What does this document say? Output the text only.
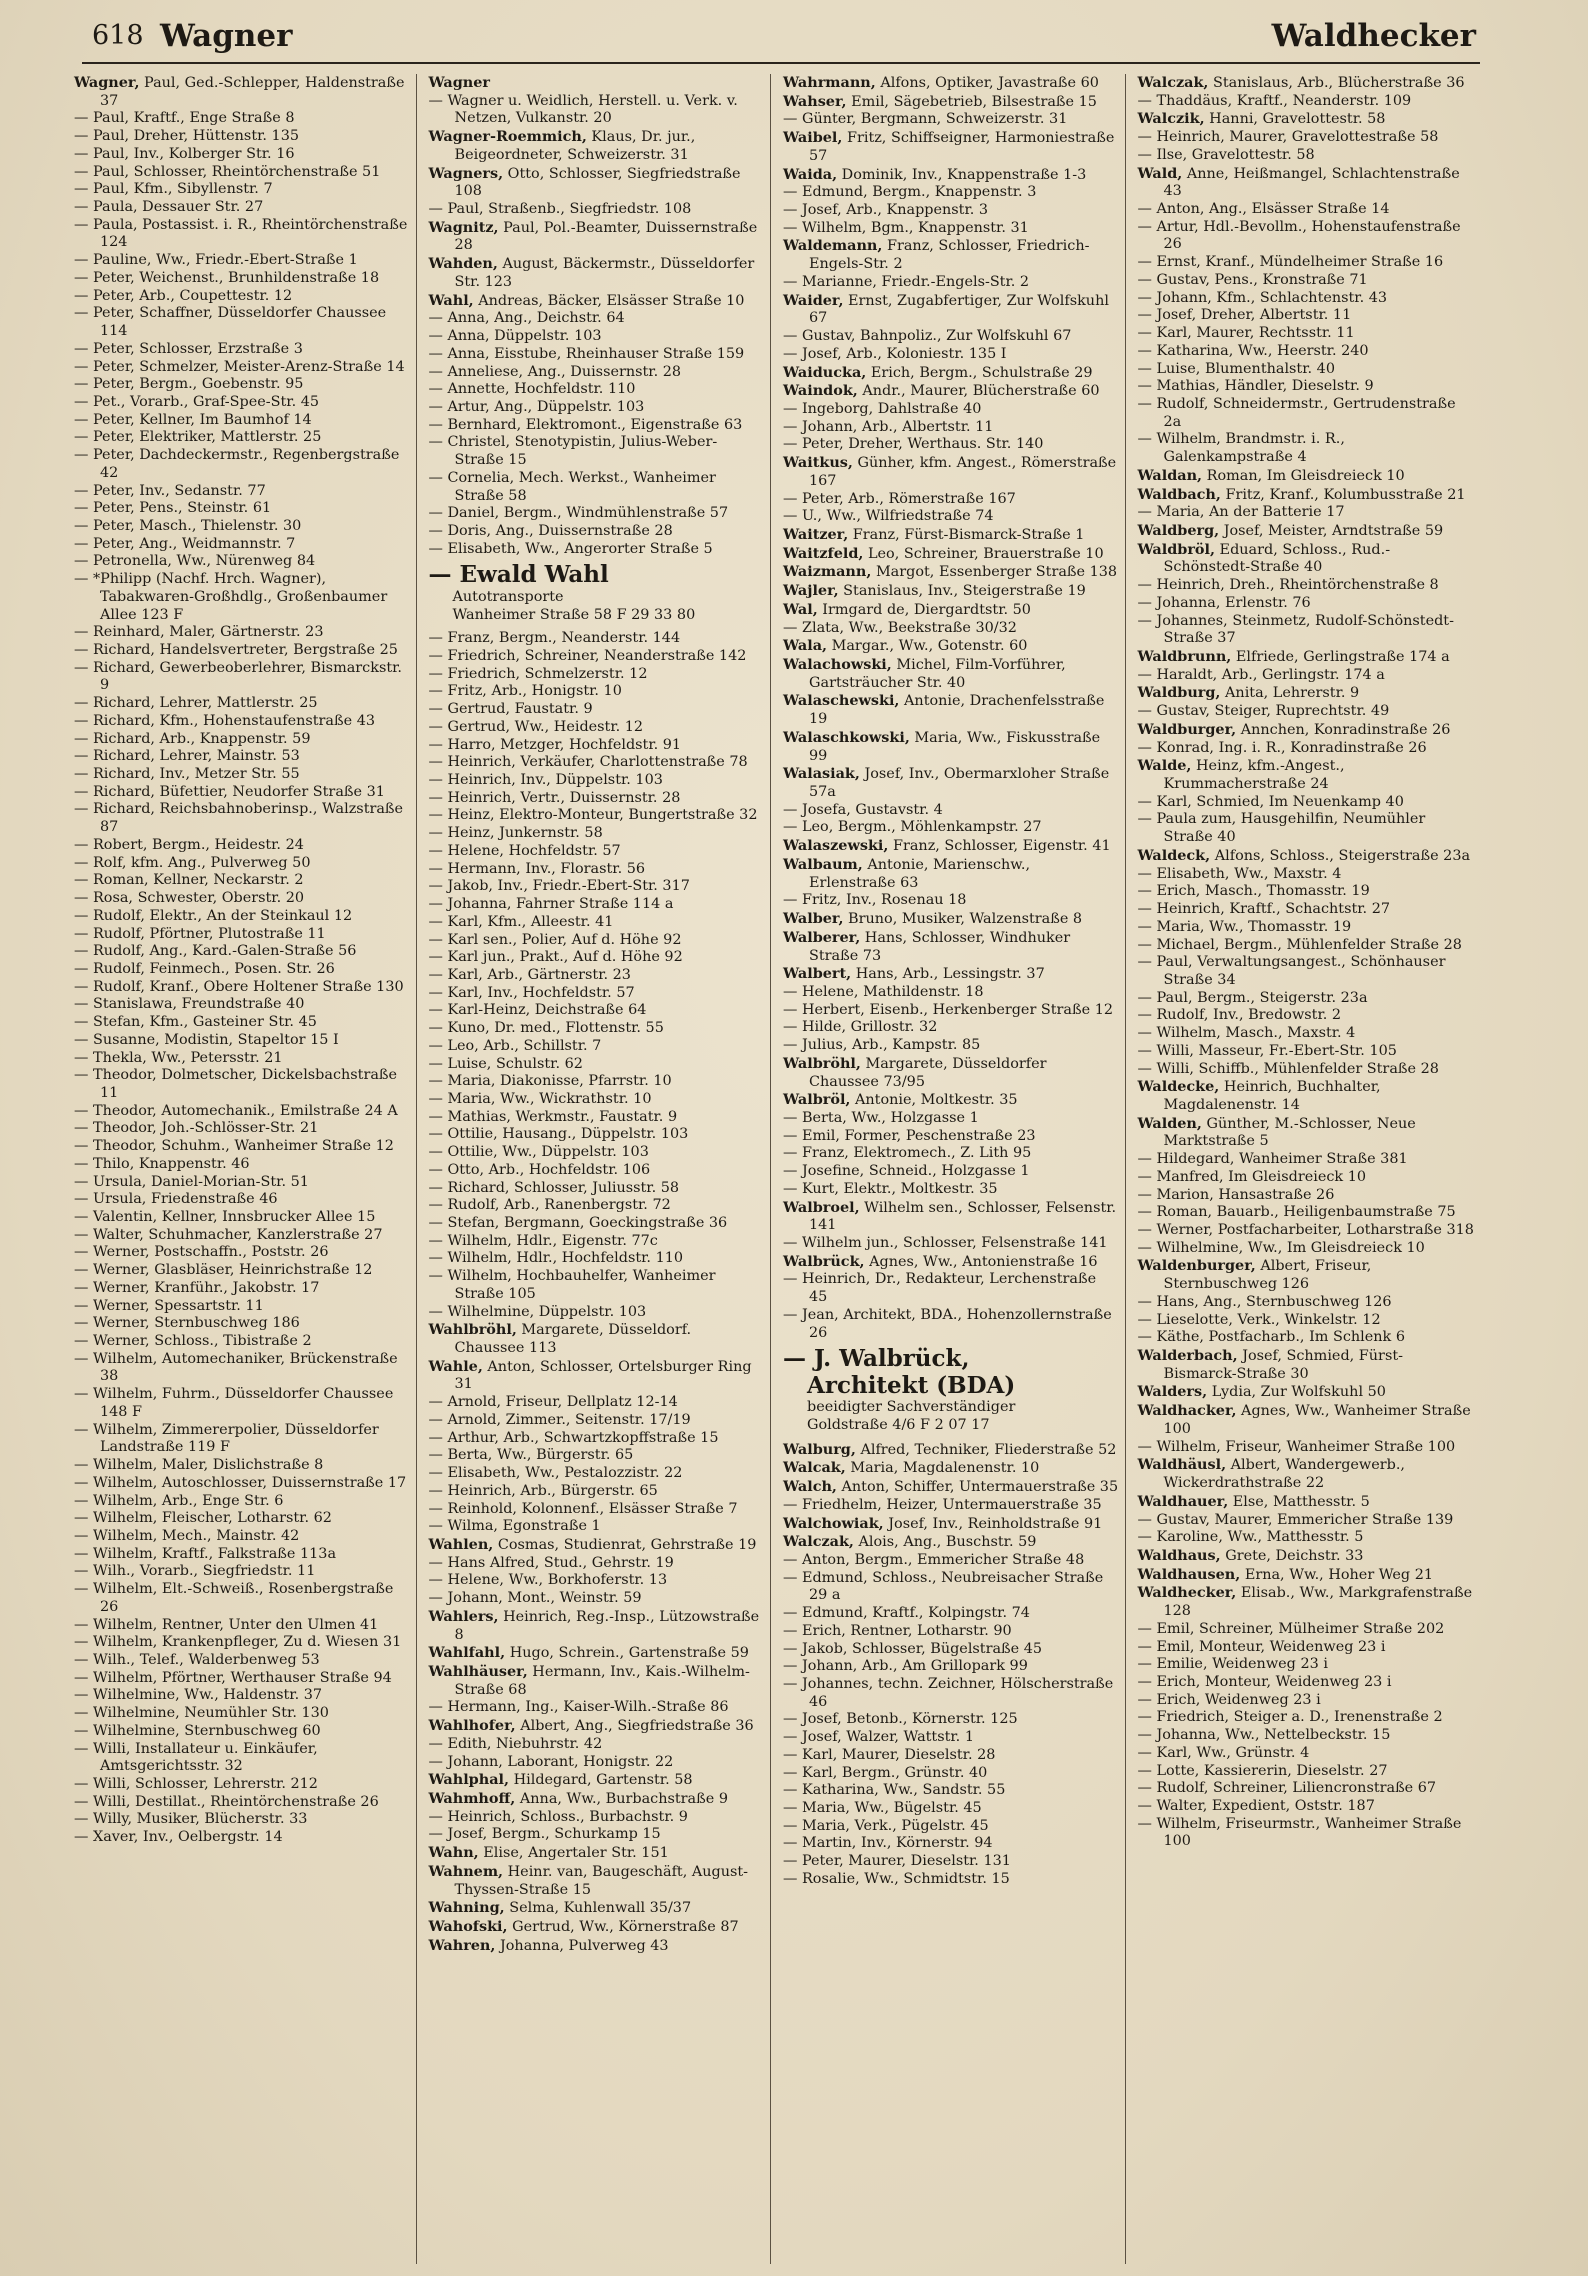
618 Wagner	Waldhecker
Wagner, Paul, Ged.-Schlepper, Haldenstraße 37
— Paul, Kraftf., Enge Straße 8
— Paul, Dreher, Hüttenstr. 135
— Paul, Inv., Kolberger Str. 16
— Paul, Schlosser, Rheintörchenstraße 51
— Paul, Kfm., Sibyllenstr. 7
— Paula, Dessauer Str. 27
— Paula, Postassist. i. R., Rheintörchenstraße 124
— Pauline, Ww., Friedr.-Ebert-Straße 1
— Peter, Weichenst., Brunhildenstraße 18
— Peter, Arb., Coupettestr. 12
— Peter, Schaffner, Düsseldorfer Chaussee 114
— Peter, Schlosser, Erzstraße 3
— Peter, Schmelzer, Meister-Arenz-Straße 14
— Peter, Bergm., Goebenstr. 95
— Pet., Vorarb., Graf-Spee-Str. 45
— Peter, Kellner, Im Baumhof 14
— Peter, Elektriker, Mattlerstr. 25
— Peter, Dachdeckermstr., Regenbergstraße 42
— Peter, Inv., Sedanstr. 77
— Peter, Pens., Steinstr. 61
— Peter, Masch., Thielenstr. 30
— Peter, Ang., Weidmannstr. 7
— Petronella, Ww., Nürenweg 84
— *Philipp (Nachf. Hrch. Wagner), Tabakwaren-Großhdlg., Großenbaumer Allee 123 F
— Reinhard, Maler, Gärtnerstr. 23
— Richard, Handelsvertreter, Bergstraße 25
— Richard, Gewerbeoberlehrer, Bismarckstr. 9
— Richard, Lehrer, Mattlerstr. 25
— Richard, Kfm., Hohenstaufenstraße 43
— Richard, Arb., Knappenstr. 59
— Richard, Lehrer, Mainstr. 53
— Richard, Inv., Metzer Str. 55
— Richard, Büfettier, Neudorfer Straße 31
— Richard, Reichsbahnoberinsp., Walzstraße 87
— Robert, Bergm., Heidestr. 24
— Rolf, kfm. Ang., Pulverweg 50
— Roman, Kellner, Neckarstr. 2
— Rosa, Schwester, Oberstr. 20
— Rudolf, Elektr., An der Steinkaul 12
— Rudolf, Pförtner, Plutostraße 11
— Rudolf, Ang., Kard.-Galen-Straße 56
— Rudolf, Feinmech., Posen. Str. 26
— Rudolf, Kranf., Obere Holtener Straße 130
— Stanislawa, Freundstraße 40
— Stefan, Kfm., Gasteiner Str. 45
— Susanne, Modistin, Stapeltor 15 I
— Thekla, Ww., Petersstr. 21
— Theodor, Dolmetscher, Dickelsbachstraße 11
— Theodor, Automechanik., Emilstraße 24 A
— Theodor, Joh.-Schlösser-Str. 21
— Theodor, Schuhm., Wanheimer Straße 12
— Thilo, Knappenstr. 46
— Ursula, Daniel-Morian-Str. 51
— Ursula, Friedenstraße 46
— Valentin, Kellner, Innsbrucker Allee 15
— Walter, Schuhmacher, Kanzlerstraße 27
— Werner, Postschaffn., Poststr. 26
— Werner, Glasbläser, Heinrichstraße 12
— Werner, Kranführ., Jakobstr. 17
— Werner, Spessartstr. 11
— Werner, Sternbuschweg 186
— Werner, Schloss., Tibistraße 2
— Wilhelm, Automechaniker, Brückenstraße 38
— Wilhelm, Fuhrm., Düsseldorfer Chaussee 148 F
— Wilhelm, Zimmererpolier, Düsseldorfer Landstraße 119 F
— Wilhelm, Maler, Dislichstraße 8
— Wilhelm, Autoschlosser, Duissernstraße 17
— Wilhelm, Arb., Enge Str. 6
— Wilhelm, Fleischer, Lotharstr. 62
— Wilhelm, Mech., Mainstr. 42
— Wilhelm, Kraftf., Falkstraße 113a
— Wilh., Vorarb., Siegfriedstr. 11
— Wilhelm, Elt.-Schweiß., Rosenbergstraße 26
— Wilhelm, Rentner, Unter den Ulmen 41
— Wilhelm, Krankenpfleger, Zu d. Wiesen 31
— Wilh., Telef., Walderbenweg 53
— Wilhelm, Pförtner, Werthauser Straße 94
— Wilhelmine, Ww., Haldenstr. 37
— Wilhelmine, Neumühler Str. 130
— Wilhelmine, Sternbuschweg 60
— Willi, Installateur u. Einkäufer, Amtsgerichtsstr. 32
— Willi, Schlosser, Lehrerstr. 212
— Willi, Destillat., Rheintörchenstraße 26
— Willy, Musiker, Blücherstr. 33
— Xaver, Inv., Oelbergstr. 14
Wagner
— Wagner u. Weidlich, Herstell. u. Verk. v. Netzen, Vulkanstr. 20
Wagner-Roemmich, Klaus, Dr. jur., Beigeordneter, Schweizerstr. 31
Wagners, Otto, Schlosser, Siegfriedstraße 108
— Paul, Straßenb., Siegfriedstr. 108
Wagnitz, Paul, Pol.-Beamter, Duissernstraße 28
Wahden, August, Bäckermstr., Düsseldorfer Str. 123
Wahl, Andreas, Bäcker, Elsässer Straße 10
— Anna, Ang., Deichstr. 64
— Anna, Düppelstr. 103
— Anna, Eisstube, Rheinhauser Straße 159
— Anneliese, Ang., Duissernstr. 28
— Annette, Hochfeldstr. 110
— Artur, Ang., Düppelstr. 103
— Bernhard, Elektromont., Eigenstraße 63
— Christel, Stenotypistin, Julius-Weber-Straße 15
— Cornelia, Mech. Werkst., Wanheimer Straße 58
— Daniel, Bergm., Windmühlenstraße 57
— Doris, Ang., Duissernstraße 28
— Elisabeth, Ww., Angerorter Straße 5
— Ewald Wahl
Autotransporte
Wanheimer Straße 58 F 29 33 80
— Franz, Bergm., Neanderstr. 144
— Friedrich, Schreiner, Neanderstraße 142
— Friedrich, Schmelzerstr. 12
— Fritz, Arb., Honigstr. 10
— Gertrud, Faustatr. 9
— Gertrud, Ww., Heidestr. 12
— Harro, Metzger, Hochfeldstr. 91
— Heinrich, Verkäufer, Charlottenstraße 78
— Heinrich, Inv., Düppelstr. 103
— Heinrich, Vertr., Duissernstr. 28
— Heinz, Elektro-Monteur, Bungertstraße 32
— Heinz, Junkernstr. 58
— Helene, Hochfeldstr. 57
— Hermann, Inv., Florastr. 56
— Jakob, Inv., Friedr.-Ebert-Str. 317
— Johanna, Fahrner Straße 114 a
— Karl, Kfm., Alleestr. 41
— Karl sen., Polier, Auf d. Höhe 92
— Karl jun., Prakt., Auf d. Höhe 92
— Karl, Arb., Gärtnerstr. 23
— Karl, Inv., Hochfeldstr. 57
— Karl-Heinz, Deichstraße 64
— Kuno, Dr. med., Flottenstr. 55
— Leo, Arb., Schillstr. 7
— Luise, Schulstr. 62
— Maria, Diakonisse, Pfarrstr. 10
— Maria, Ww., Wickrathstr. 10
— Mathias, Werkmstr., Faustatr. 9
— Ottilie, Hausang., Düppelstr. 103
— Ottilie, Ww., Düppelstr. 103
— Otto, Arb., Hochfeldstr. 106
— Richard, Schlosser, Juliusstr. 58
— Rudolf, Arb., Ranenbergstr. 72
— Stefan, Bergmann, Goeckingstraße 36
— Wilhelm, Hdlr., Eigenstr. 77c
— Wilhelm, Hdlr., Hochfeldstr. 110
— Wilhelm, Hochbauhelfer, Wanheimer Straße 105
— Wilhelmine, Düppelstr. 103
Wahlbröhl, Margarete, Düsseldorf. Chaussee 113
Wahle, Anton, Schlosser, Ortelsburger Ring 31
— Arnold, Friseur, Dellplatz 12-14
— Arnold, Zimmer., Seitenstr. 17/19
— Arthur, Arb., Schwartzkopffstraße 15
— Berta, Ww., Bürgerstr. 65
— Elisabeth, Ww., Pestalozzistr. 22
— Heinrich, Arb., Bürgerstr. 65
— Reinhold, Kolonnenf., Elsässer Straße 7
— Wilma, Egonstraße 1
Wahlen, Cosmas, Studienrat, Gehrstraße 19
— Hans Alfred, Stud., Gehrstr. 19
— Helene, Ww., Borkhoferstr. 13
— Johann, Mont., Weinstr. 59
Wahlers, Heinrich, Reg.-Insp., Lützowstraße 8
Wahlfahl, Hugo, Schrein., Gartenstraße 59
Wahlhäuser, Hermann, Inv., Kais.-Wilhelm-Straße 68
— Hermann, Ing., Kaiser-Wilh.-Straße 86
Wahlhofer, Albert, Ang., Siegfriedstraße 36
— Edith, Niebuhrstr. 42
— Johann, Laborant, Honigstr. 22
Wahlphal, Hildegard, Gartenstr. 58
Wahmhoff, Anna, Ww., Burbachstraße 9
— Heinrich, Schloss., Burbachstr. 9
— Josef, Bergm., Schurkamp 15
Wahn, Elise, Angertaler Str. 151
Wahnem, Heinr. van, Baugeschäft, August-Thyssen-Straße 15
Wahning, Selma, Kuhlenwall 35/37
Wahofski, Gertrud, Ww., Körnerstraße 87
Wahren, Johanna, Pulverweg 43
Wahrmann, Alfons, Optiker, Javastraße 60
Wahser, Emil, Sägebetrieb, Bilsestraße 15
— Günter, Bergmann, Schweizerstr. 31
Waibel, Fritz, Schiffseigner, Harmoniestraße 57
Waida, Dominik, Inv., Knappenstraße 1-3
— Edmund, Bergm., Knappenstr. 3
— Josef, Arb., Knappenstr. 3
— Wilhelm, Bgm., Knappenstr. 31
Waldemann, Franz, Schlosser, Friedrich-Engels-Str. 2
— Marianne, Friedr.-Engels-Str. 2
Waider, Ernst, Zugabfertiger, Zur Wolfskuhl 67
— Gustav, Bahnpoliz., Zur Wolfskuhl 67
— Josef, Arb., Koloniestr. 135 I
Waiducka, Erich, Bergm., Schulstraße 29
Waindok, Andr., Maurer, Blücherstraße 60
— Ingeborg, Dahlstraße 40
— Johann, Arb., Albertstr. 11
— Peter, Dreher, Werthaus. Str. 140
Waitkus, Günher, kfm. Angest., Römerstraße 167
— Peter, Arb., Römerstraße 167
— U., Ww., Wilfriedstraße 74
Waitzer, Franz, Fürst-Bismarck-Straße 1
Waitzfeld, Leo, Schreiner, Brauerstraße 10
Waizmann, Margot, Essenberger Straße 138
Wajler, Stanislaus, Inv., Steigerstraße 19
Wal, Irmgard de, Diergardtstr. 50
— Zlata, Ww., Beekstraße 30/32
Wala, Margar., Ww., Gotenstr. 60
Walachowski, Michel, Film-Vorführer, Gartsträucher Str. 40
Walaschewski, Antonie, Drachenfelsstraße 19
Walaschkowski, Maria, Ww., Fiskusstraße 99
Walasiak, Josef, Inv., Obermarxloher Straße 57a
— Josefa, Gustavstr. 4
— Leo, Bergm., Möhlenkampstr. 27
Walaszewski, Franz, Schlosser, Eigenstr. 41
Walbaum, Antonie, Marienschw., Erlenstraße 63
— Fritz, Inv., Rosenau 18
Walber, Bruno, Musiker, Walzenstraße 8
Walberer, Hans, Schlosser, Windhuker Straße 73
Walbert, Hans, Arb., Lessingstr. 37
— Helene, Mathildenstr. 18
— Herbert, Eisenb., Herkenberger Straße 12
— Hilde, Grillostr. 32
— Julius, Arb., Kampstr. 85
Walbröhl, Margarete, Düsseldorfer Chaussee 73/95
Walbröl, Antonie, Moltkestr. 35
— Berta, Ww., Holzgasse 1
— Emil, Former, Peschenstraße 23
— Franz, Elektromech., Z. Lith 95
— Josefine, Schneid., Holzgasse 1
— Kurt, Elektr., Moltkestr. 35
Walbroel, Wilhelm sen., Schlosser, Felsenstr. 141
— Wilhelm jun., Schlosser, Felsenstraße 141
Walbrück, Agnes, Ww., Antonienstraße 16
— Heinrich, Dr., Redakteur, Lerchenstraße 45
— Jean, Architekt, BDA., Hohenzollernstraße 26
— J. Walbrück,
Architekt (BDA)
beeidigter Sachverständiger
Goldstraße 4/6 F 2 07 17
Walburg, Alfred, Techniker, Fliederstraße 52
Walcak, Maria, Magdalenenstr. 10
Walch, Anton, Schiffer, Untermauerstraße 35
— Friedhelm, Heizer, Untermauerstraße 35
Walchowiak, Josef, Inv., Reinholdstraße 91
Walczak, Alois, Ang., Buschstr. 59
— Anton, Bergm., Emmericher Straße 48
— Edmund, Schloss., Neubreisacher Straße 29 a
— Edmund, Kraftf., Kolpingstr. 74
— Erich, Rentner, Lotharstr. 90
— Jakob, Schlosser, Bügelstraße 45
— Johann, Arb., Am Grillopark 99
— Johannes, techn. Zeichner, Hölscherstraße 46
— Josef, Betonb., Körnerstr. 125
— Josef, Walzer, Wattstr. 1
— Karl, Maurer, Dieselstr. 28
— Karl, Bergm., Grünstr. 40
— Katharina, Ww., Sandstr. 55
— Maria, Ww., Bügelstr. 45
— Maria, Verk., Pügelstr. 45
— Martin, Inv., Körnerstr. 94
— Peter, Maurer, Dieselstr. 131
— Rosalie, Ww., Schmidtstr. 15
Walczak, Stanislaus, Arb., Blücherstraße 36
— Thaddäus, Kraftf., Neanderstr. 109
Walczik, Hanni, Gravelottestr. 58
— Heinrich, Maurer, Gravelottestraße 58
— Ilse, Gravelottestr. 58
Wald, Anne, Heißmangel, Schlachtenstraße 43
— Anton, Ang., Elsässer Straße 14
— Artur, Hdl.-Bevollm., Hohenstaufenstraße 26
— Ernst, Kranf., Mündelheimer Straße 16
— Gustav, Pens., Kronstraße 71
— Johann, Kfm., Schlachtenstr. 43
— Josef, Dreher, Albertstr. 11
— Karl, Maurer, Rechtsstr. 11
— Katharina, Ww., Heerstr. 240
— Luise, Blumenthalstr. 40
— Mathias, Händler, Dieselstr. 9
— Rudolf, Schneidermstr., Gertrudenstraße 2a
— Wilhelm, Brandmstr. i. R., Galenkampstraße 4
Waldan, Roman, Im Gleisdreieck 10
Waldbach, Fritz, Kranf., Kolumbusstraße 21
— Maria, An der Batterie 17
Waldberg, Josef, Meister, Arndtstraße 59
Waldbröl, Eduard, Schloss., Rud.-Schönstedt-Straße 40
— Heinrich, Dreh., Rheintörchenstraße 8
— Johanna, Erlenstr. 76
— Johannes, Steinmetz, Rudolf-Schönstedt-Straße 37
Waldbrunn, Elfriede, Gerlingstraße 174 a
— Haraldt, Arb., Gerlingstr. 174 a
Waldburg, Anita, Lehrerstr. 9
— Gustav, Steiger, Ruprechtstr. 49
Waldburger, Annchen, Konradinstraße 26
— Konrad, Ing. i. R., Konradinstraße 26
Walde, Heinz, kfm.-Angest., Krummacherstraße 24
— Karl, Schmied, Im Neuenkamp 40
— Paula zum, Hausgehilfin, Neumühler Straße 40
Waldeck, Alfons, Schloss., Steigerstraße 23a
— Elisabeth, Ww., Maxstr. 4
— Erich, Masch., Thomasstr. 19
— Heinrich, Kraftf., Schachtstr. 27
— Maria, Ww., Thomasstr. 19
— Michael, Bergm., Mühlenfelder Straße 28
— Paul, Verwaltungsangest., Schönhauser Straße 34
— Paul, Bergm., Steigerstr. 23a
— Rudolf, Inv., Bredowstr. 2
— Wilhelm, Masch., Maxstr. 4
— Willi, Masseur, Fr.-Ebert-Str. 105
— Willi, Schiffb., Mühlenfelder Straße 28
Waldecke, Heinrich, Buchhalter, Magdalenenstr. 14
Walden, Günther, M.-Schlosser, Neue Marktstraße 5
— Hildegard, Wanheimer Straße 381
— Manfred, Im Gleisdreieck 10
— Marion, Hansastraße 26
— Roman, Bauarb., Heiligenbaumstraße 75
— Werner, Postfacharbeiter, Lotharstraße 318
— Wilhelmine, Ww., Im Gleisdreieck 10
Waldenburger, Albert, Friseur, Sternbuschweg 126
— Hans, Ang., Sternbuschweg 126
— Lieselotte, Verk., Winkelstr. 12
— Käthe, Postfacharb., Im Schlenk 6
Walderbach, Josef, Schmied, Fürst-Bismarck-Straße 30
Walders, Lydia, Zur Wolfskuhl 50
Waldhacker, Agnes, Ww., Wanheimer Straße 100
— Wilhelm, Friseur, Wanheimer Straße 100
Waldhäusl, Albert, Wandergewerb., Wickerdrathstraße 22
Waldhauer, Else, Matthesstr. 5
— Gustav, Maurer, Emmericher Straße 139
— Karoline, Ww., Matthesstr. 5
Waldhaus, Grete, Deichstr. 33
Waldhausen, Erna, Ww., Hoher Weg 21
Waldhecker, Elisab., Ww., Markgrafenstraße 128
— Emil, Schreiner, Mülheimer Straße 202
— Emil, Monteur, Weidenweg 23 i
— Emilie, Weidenweg 23 i
— Erich, Monteur, Weidenweg 23 i
— Erich, Weidenweg 23 i
— Friedrich, Steiger a. D., Irenenstraße 2
— Johanna, Ww., Nettelbeckstr. 15
— Karl, Ww., Grünstr. 4
— Lotte, Kassiererin, Dieselstr. 27
— Rudolf, Schreiner, Liliencronstraße 67
— Walter, Expedient, Oststr. 187
— Wilhelm, Friseurmstr., Wanheimer Straße 100
